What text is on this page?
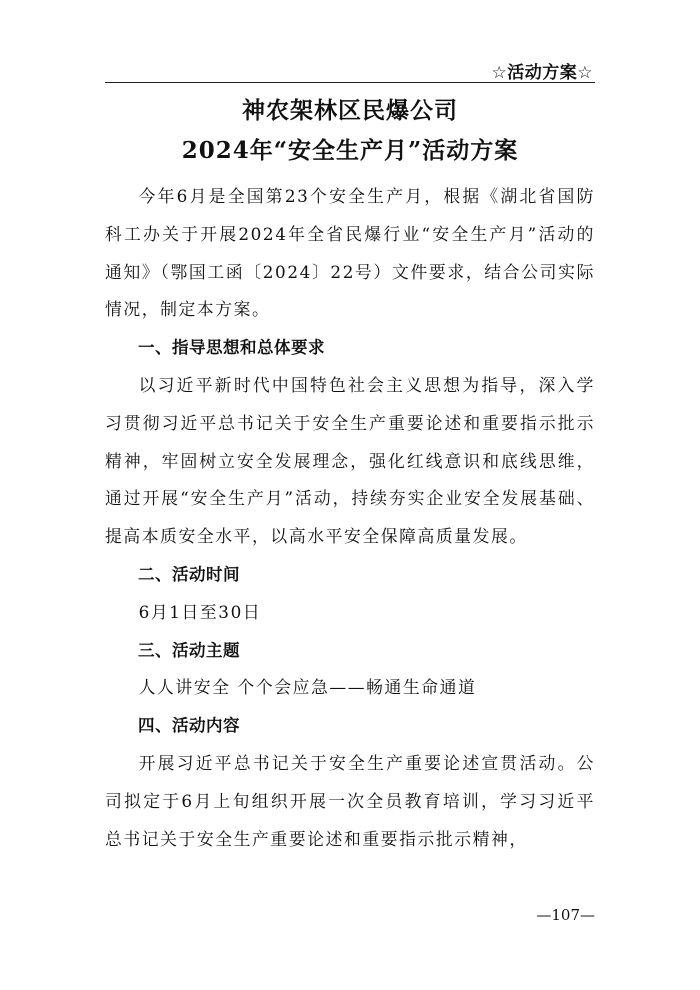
☆活动方案☆
神农架林区民爆公司
2024年“安全生产月”活动方案

今年6月是全国第23个安全生产月，根据《湖北省国防科工办关于开展2024年全省民爆行业“安全生产月”活动的通知》（鄂国工函〔2024〕22号）文件要求，结合公司实际情况，制定本方案。

一、指导思想和总体要求

以习近平新时代中国特色社会主义思想为指导，深入学习贯彻习近平总书记关于安全生产重要论述和重要指示批示精神，牢固树立安全发展理念，强化红线意识和底线思维，通过开展“安全生产月”活动，持续夯实企业安全发展基础、提高本质安全水平，以高水平安全保障高质量发展。

二、活动时间

6月1日至30日

三、活动主题

人人讲安全 个个会应急——畅通生命通道

四、活动内容

开展习近平总书记关于安全生产重要论述宣贯活动。公司拟定于6月上旬组织开展一次全员教育培训，学习习近平总书记关于安全生产重要论述和重要指示批示精神，

—107—
